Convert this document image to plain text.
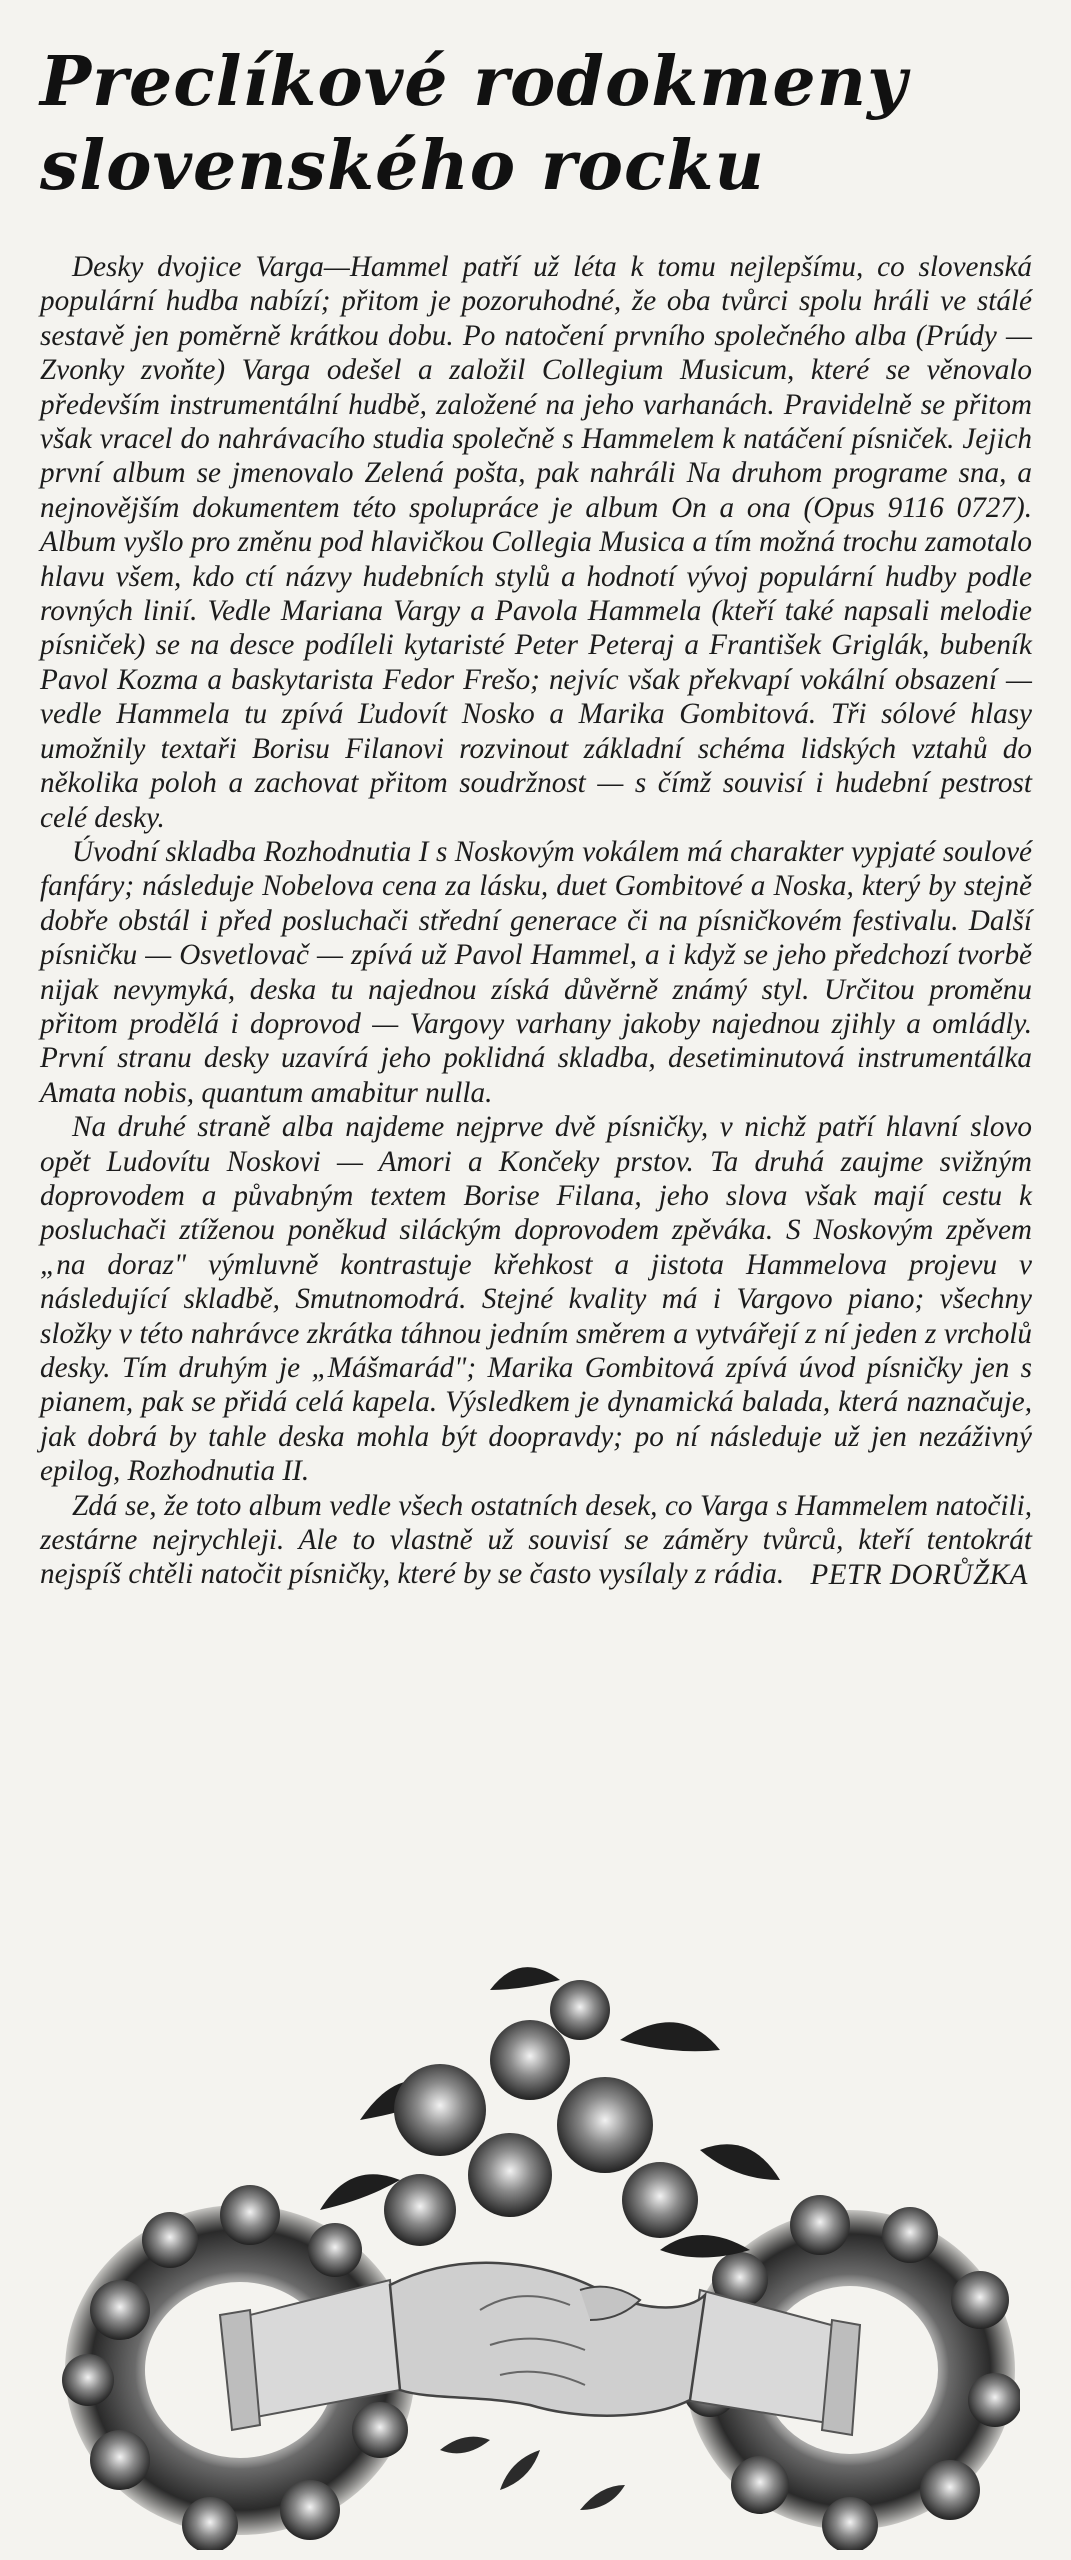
Preclíkové rodokmeny
slovenského rocku

Desky dvojice Varga—Hammel patří už léta k tomu nejlepšímu, co slovenská populární hudba nabízí; přitom je pozoruhodné, že oba tvůrci spolu hráli ve stálé sestavě jen poměrně krátkou dobu. Po natočení prvního společného alba (Prúdy — Zvonky zvoňte) Varga odešel a založil Collegium Musicum, které se věnovalo především instrumentální hudbě, založené na jeho varhanách. Pravidelně se přitom však vracel do nahrávacího studia společně s Hammelem k natáčení písniček. Jejich první album se jmenovalo Zelená pošta, pak nahráli Na druhom programe sna, a nejnovějším dokumentem této spolupráce je album On a ona (Opus 9116 0727). Album vyšlo pro změnu pod hlavičkou Collegia Musica a tím možná trochu zamotalo hlavu všem, kdo ctí názvy hudebních stylů a hodnotí vývoj populární hudby podle rovných linií. Vedle Mariana Vargy a Pavola Hammela (kteří také napsali melodie písniček) se na desce podíleli kytaristé Peter Peteraj a František Griglák, bubeník Pavol Kozma a baskytarista Fedor Frešo; nejvíc však překvapí vokální obsazení — vedle Hammela tu zpívá Ľudovít Nosko a Marika Gombitová. Tři sólové hlasy umožnily textaři Borisu Filanovi rozvinout základní schéma lidských vztahů do několika poloh a zachovat přitom soudržnost — s čímž souvisí i hudební pestrost celé desky.

Úvodní skladba Rozhodnutia I s Noskovým vokálem má charakter vypjaté soulové fanfáry; následuje Nobelova cena za lásku, duet Gombitové a Noska, který by stejně dobře obstál i před posluchači střední generace či na písničkovém festivalu. Další písničku — Osvetlovač — zpívá už Pavol Hammel, a i když se jeho předchozí tvorbě nijak nevymyká, deska tu najednou získá důvěrně známý styl. Určitou proměnu přitom prodělá i doprovod — Vargovy varhany jakoby najednou zjihly a omládly. První stranu desky uzavírá jeho poklidná skladba, desetiminutová instrumentálka Amata nobis, quantum amabitur nulla.

Na druhé straně alba najdeme nejprve dvě písničky, v nichž patří hlavní slovo opět Ludovítu Noskovi — Amori a Končeky prstov. Ta druhá zaujme svižným doprovodem a půvabným textem Borise Filana, jeho slova však mají cestu k posluchači ztíženou poněkud siláckým doprovodem zpěváka. S Noskovým zpěvem „na doraz" výmluvně kontrastuje křehkost a jistota Hammelova projevu v následující skladbě, Smutnomodrá. Stejné kvality má i Vargovo piano; všechny složky v této nahrávce zkrátka táhnou jedním směrem a vytvářejí z ní jeden z vrcholů desky. Tím druhým je „Mášmarád"; Marika Gombitová zpívá úvod písničky jen s pianem, pak se přidá celá kapela. Výsledkem je dynamická balada, která naznačuje, jak dobrá by tahle deska mohla být doopravdy; po ní následuje už jen nezáživný epilog, Rozhodnutia II.

Zdá se, že toto album vedle všech ostatních desek, co Varga s Hammelem natočili, zestárne nejrychleji. Ale to vlastně už souvisí se záměry tvůrců, kteří tentokrát nejspíš chtěli natočit písničky, které by se často vysílaly z rádia. PETR DORŮŽKA
